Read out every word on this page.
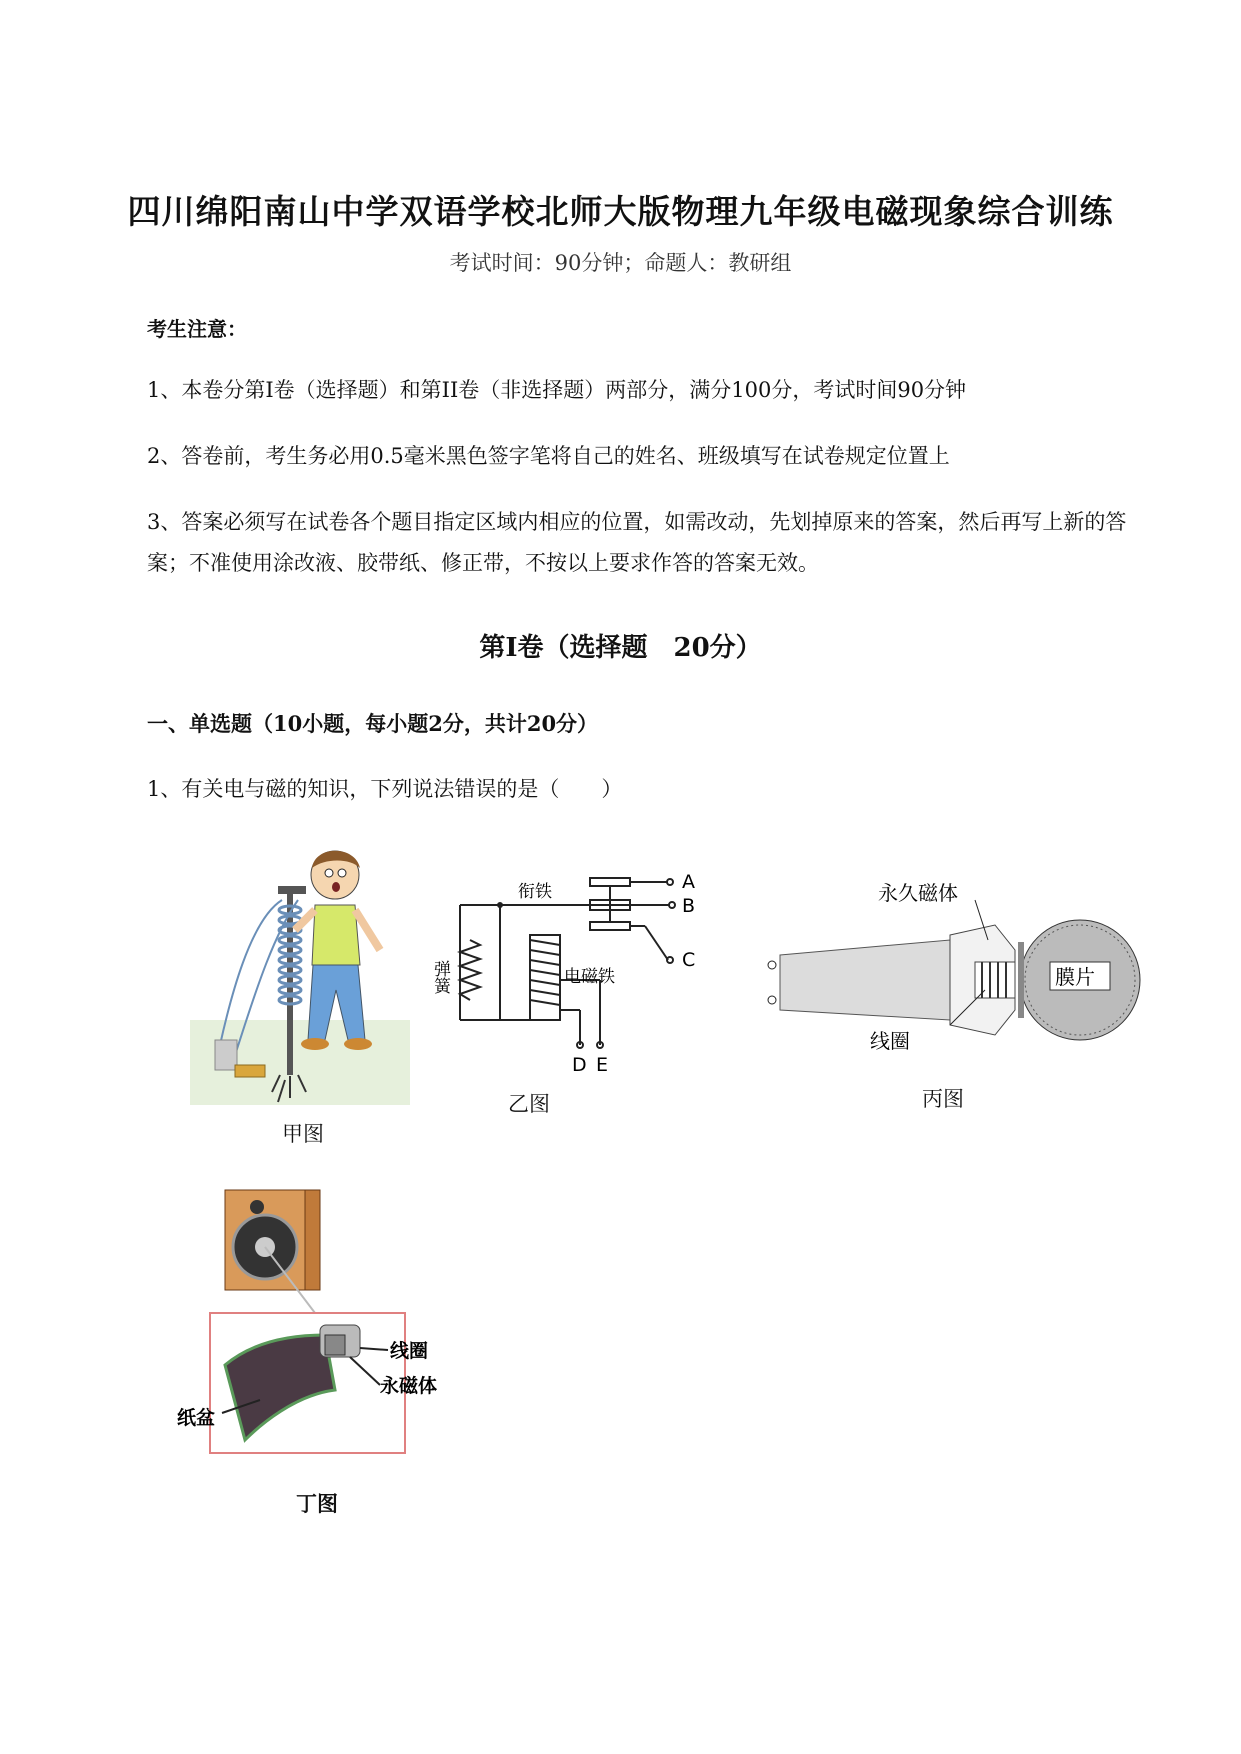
四川绵阳南山中学双语学校北师大版物理九年级电磁现象综合训练
考试时间：90分钟；命题人：教研组
考生注意：
1、本卷分第I卷（选择题）和第II卷（非选择题）两部分，满分100分，考试时间90分钟
2、答卷前，考生务必用0.5毫米黑色签字笔将自己的姓名、班级填写在试卷规定位置上
3、答案必须写在试卷各个题目指定区域内相应的位置，如需改动，先划掉原来的答案，然后再写上新的答案；不准使用涂改液、胶带纸、修正带，不按以上要求作答的答案无效。
第I卷（选择题　20分）
一、单选题（10小题，每小题2分，共计20分）
1、有关电与磁的知识，下列说法错误的是（　　）
甲图
衔铁
弹簧	电磁铁
A
B
C
D E
乙图
永久磁体
膜片
线圈
丙图
线圈
永磁体
纸盆
丁图
